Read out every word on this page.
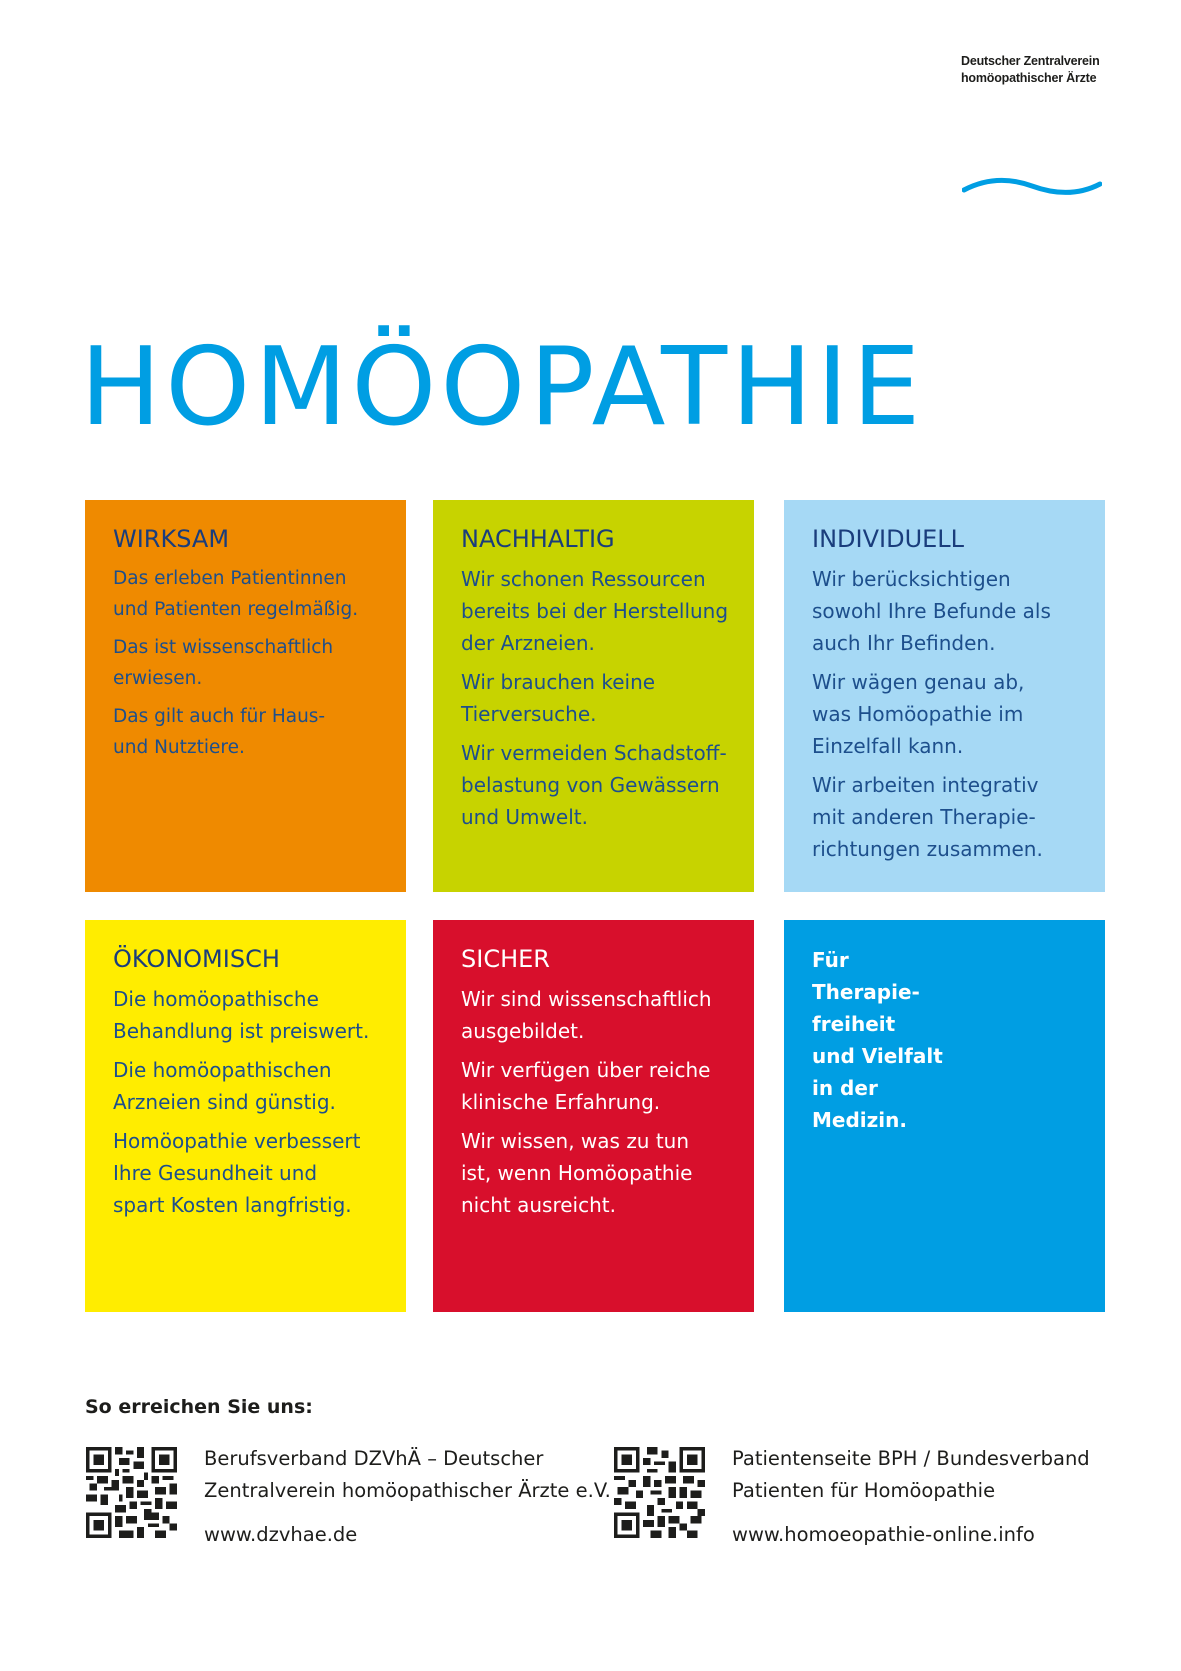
Deutscher Zentralverein
homöopathischer Ärzte
HOMÖOPATHIE
WIRKSAM

Das erleben Patientinnen
und Patienten regelmäßig.

Das ist wissenschaftlich
erwiesen.

Das gilt auch für Haus-
und Nutztiere.

NACHHALTIG

Wir schonen Ressourcen
bereits bei der Herstellung
der Arzneien.

Wir brauchen keine
Tierversuche.

Wir vermeiden Schadstoff-
belastung von Gewässern
und Umwelt.

INDIVIDUELL

Wir berücksichtigen
sowohl Ihre Befunde als
auch Ihr Befinden.

Wir wägen genau ab,
was Homöopathie im
Einzelfall kann.

Wir arbeiten integrativ
mit anderen Therapie-
richtungen zusammen.

ÖKONOMISCH

Die homöopathische
Behandlung ist preiswert.

Die homöopathischen
Arzneien sind günstig.

Homöopathie verbessert
Ihre Gesundheit und
spart Kosten langfristig.

SICHER

Wir sind wissenschaftlich
ausgebildet.

Wir verfügen über reiche
klinische Erfahrung.

Wir wissen, was zu tun
ist, wenn Homöopathie
nicht ausreicht.

Für
Therapie-
freiheit
und Vielfalt
in der
Medizin.

So erreichen Sie uns:
Berufsverband DZVhÄ – Deutscher
Zentralverein homöopathischer Ärzte e.V.
www.dzvhae.de
Patientenseite BPH / Bundesverband
Patienten für Homöopathie
www.homoeopathie-online.info
